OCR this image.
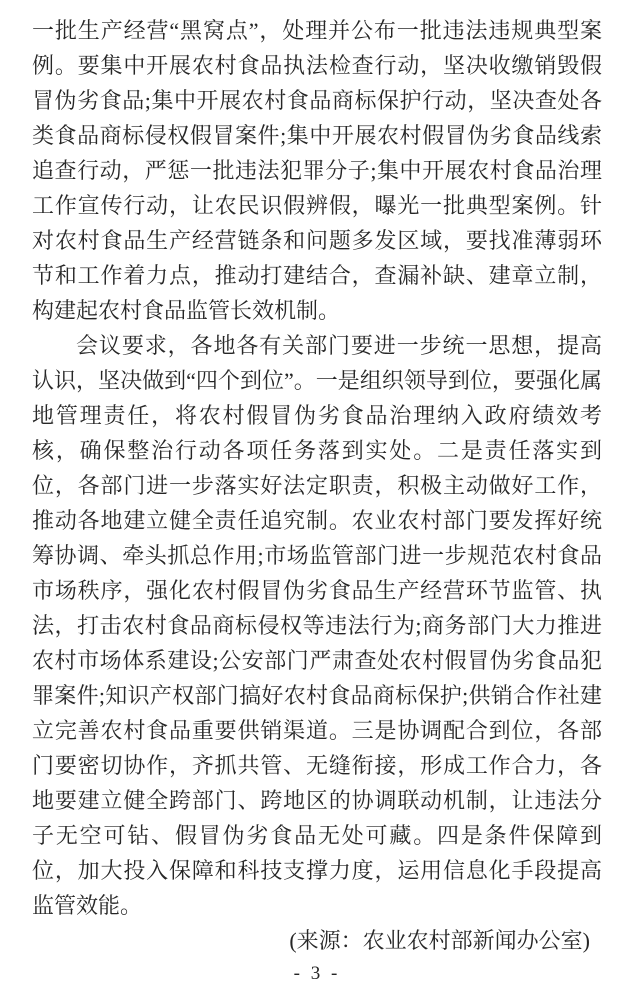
一批生产经营“黑窝点”，处理并公布一批违法违规典型案例。要集中开展农村食品执法检查行动，坚决收缴销毁假冒伪劣食品;集中开展农村食品商标保护行动，坚决查处各类食品商标侵权假冒案件;集中开展农村假冒伪劣食品线索追查行动，严惩一批违法犯罪分子;集中开展农村食品治理工作宣传行动，让农民识假辨假，曝光一批典型案例。针对农村食品生产经营链条和问题多发区域，要找准薄弱环节和工作着力点，推动打建结合，查漏补缺、建章立制，构建起农村食品监管长效机制。

会议要求，各地各有关部门要进一步统一思想，提高认识，坚决做到“四个到位”。一是组织领导到位，要强化属地管理责任，将农村假冒伪劣食品治理纳入政府绩效考核，确保整治行动各项任务落到实处。二是责任落实到位，各部门进一步落实好法定职责，积极主动做好工作，推动各地建立健全责任追究制。农业农村部门要发挥好统筹协调、牵头抓总作用;市场监管部门进一步规范农村食品市场秩序，强化农村假冒伪劣食品生产经营环节监管、执法，打击农村食品商标侵权等违法行为;商务部门大力推进农村市场体系建设;公安部门严肃查处农村假冒伪劣食品犯罪案件;知识产权部门搞好农村食品商标保护;供销合作社建立完善农村食品重要供销渠道。三是协调配合到位，各部门要密切协作，齐抓共管、无缝衔接，形成工作合力，各地要建立健全跨部门、跨地区的协调联动机制，让违法分子无空可钻、假冒伪劣食品无处可藏。四是条件保障到位，加大投入保障和科技支撑力度，运用信息化手段提高监管效能。

(来源：农业农村部新闻办公室)

- 3 -
